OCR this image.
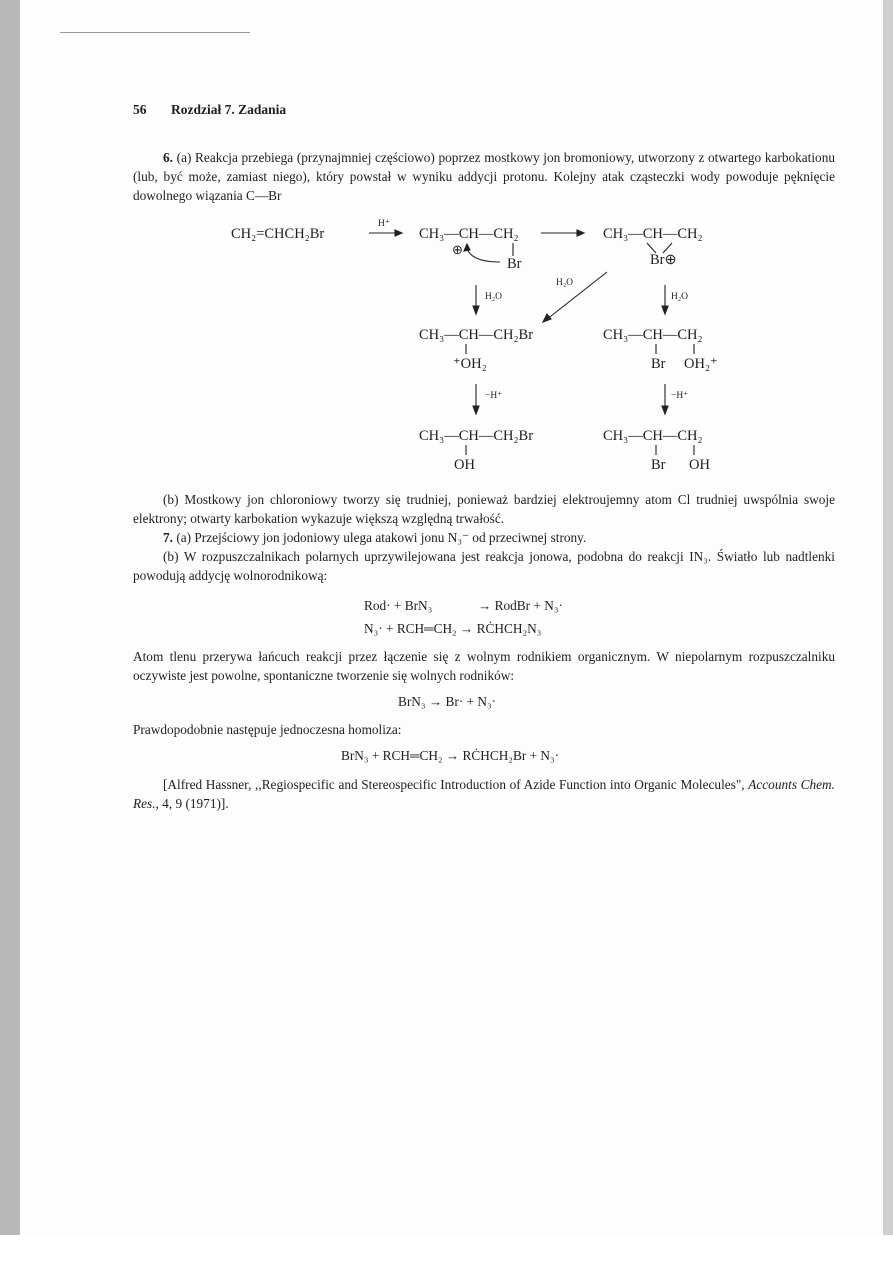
56 Rozdział 7. Zadania
6. (a) Reakcja przebiega (przynajmniej częściowo) poprzez mostkowy jon bromoniowy, utworzony z otwartego karbokationu (lub, być może, zamiast niego), który powstał w wyniku addycji protonu. Kolejny atak cząsteczki wody powoduje pęknięcie dowolnego wiązania C—Br
CH₂=CHCH₂Br
H⁺
CH₃—CH—CH₂
⊕
Br
CH₃—CH—CH₂
Br⊕
H₂O
H₂O
H₂O
CH₃—CH—CH₂Br
⁺OH₂
CH₃—CH—CH₂
Br OH₂⁺
−H⁺	−H⁺
CH₃—CH—CH₂Br
OH
CH₃—CH—CH₂
Br OH
(b) Mostkowy jon chloroniowy tworzy się trudniej, ponieważ bardziej elektroujemny atom Cl trudniej uwspólnia swoje elektrony; otwarty karbokation wykazuje większą względną trwałość.
7. (a) Przejściowy jon jodoniowy ulega atakowi jonu N₃⁻ od przeciwnej strony.
(b) W rozpuszczalnikach polarnych uprzywilejowana jest reakcja jonowa, podobna do reakcji IN₃. Światło lub nadtlenki powodują addycję wolnorodnikową:
Rod· + BrN₃	→ RodBr + N₃·
N₃· + RCH═CH₂ → RĊHCH₂N₃
Atom tlenu przerywa łańcuch reakcji przez łączenie się z wolnym rodnikiem organicznym. W niepolarnym rozpuszczalniku oczywiste jest powolne, spontaniczne tworzenie się wolnych rodników:
BrN₃ → Br· + N₃·
Prawdopodobnie następuje jednoczesna homoliza:
BrN₃ + RCH═CH₂ → RĊHCH₂Br + N₃·
[Alfred Hassner, ,,Regiospecific and Stereospecific Introduction of Azide Function into Organic Molecules", Accounts Chem. Res., 4, 9 (1971)].
